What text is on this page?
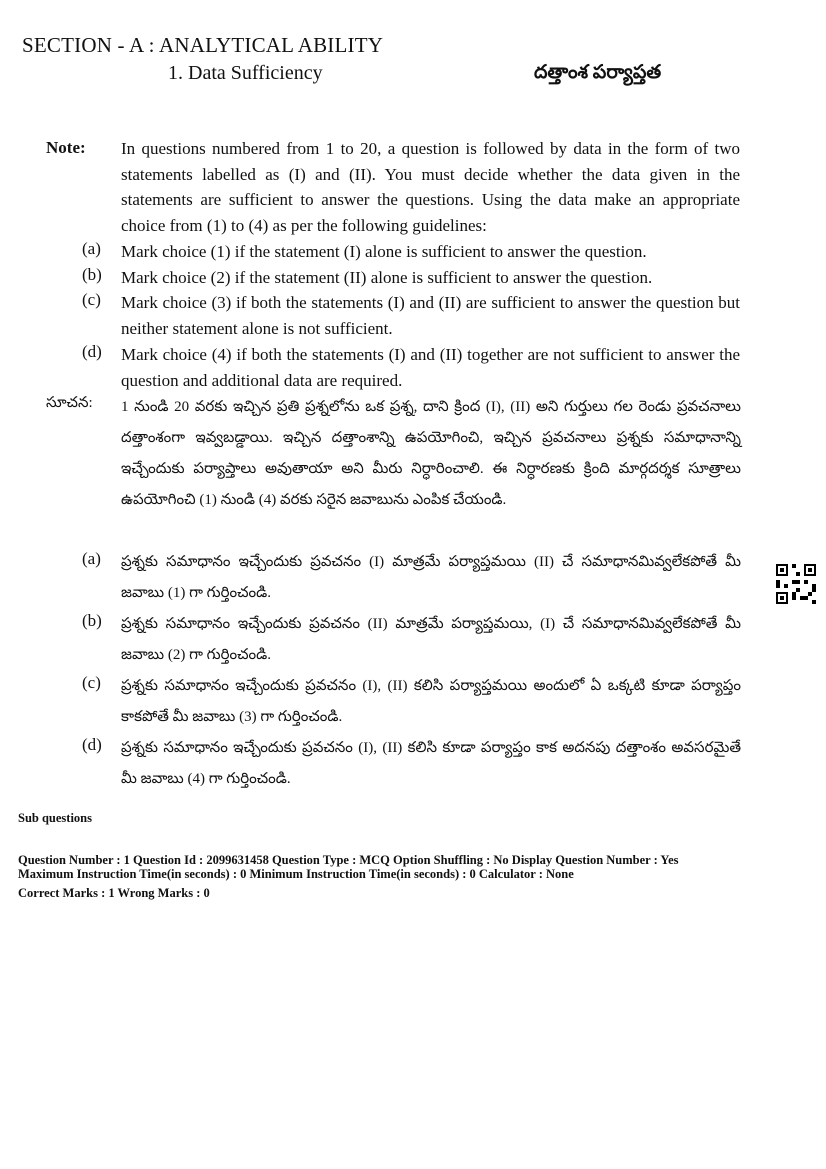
SECTION - A : ANALYTICAL ABILITY
1. Data Sufficiency	దత్తాంశ పర్యాప్తత
Note: In questions numbered from 1 to 20, a question is followed by data in the form of two statements labelled as (I) and (II). You must decide whether the data given in the statements are sufficient to answer the questions. Using the data make an appropriate choice from (1) to (4) as per the following guidelines:
(a) Mark choice (1) if the statement (I) alone is sufficient to answer the question.
(b) Mark choice (2) if the statement (II) alone is sufficient to answer the question.
(c) Mark choice (3) if both the statements (I) and (II) are sufficient to answer the question but neither statement alone is not sufficient.
(d) Mark choice (4) if both the statements (I) and (II) together are not sufficient to answer the question and additional data are required.
సూచన: 1 నుండి 20 వరకు ఇచ్చిన ప్రతి ప్రశ్నలోను ఒక ప్రశ్న, దాని క్రింద (I), (II) అని గుర్తులు గల రెండు ప్రవచనాలు దత్తాంశంగా ఇవ్వబడ్డాయి. ఇచ్చిన దత్తాంశాన్ని ఉపయోగించి, ఇచ్చిన ప్రవచనాలు ప్రశ్నకు సమాధానాన్ని ఇచ్చేందుకు పర్యాప్తాలు అవుతాయా అని మీరు నిర్ధారించాలి. ఈ నిర్ధారణకు క్రింది మార్గదర్శక సూత్రాలు ఉపయోగించి (1) నుండి (4) వరకు సరైన జవాబును ఎంపిక చేయండి.
(a) ప్రశ్నకు సమాధానం ఇచ్చేందుకు ప్రవచనం (I) మాత్రమే పర్యాప్తమయి (II) చే సమాధానమివ్వలేకపోతే మీ జవాబు (1) గా గుర్తించండి.
(b) ప్రశ్నకు సమాధానం ఇచ్చేందుకు ప్రవచనం (II) మాత్రమే పర్యాప్తమయి, (I) చే సమాధానమివ్వలేకపోతే మీ జవాబు (2) గా గుర్తించండి.
(c) ప్రశ్నకు సమాధానం ఇచ్చేందుకు ప్రవచనం (I), (II) కలిసి పర్యాప్తమయి అందులో ఏ ఒక్కటి కూడా పర్యాప్తం కాకపోతే మీ జవాబు (3) గా గుర్తించండి.
(d) ప్రశ్నకు సమాధానం ఇచ్చేందుకు ప్రవచనం (I), (II) కలిసి కూడా పర్యాప్తం కాక అదనపు దత్తాంశం అవసరమైతే మీ జవాబు (4) గా గుర్తించండి.
Sub questions
Question Number : 1 Question Id : 2099631458 Question Type : MCQ Option Shuffling : No Display Question Number : Yes
Maximum Instruction Time(in seconds) : 0 Minimum Instruction Time(in seconds) : 0 Calculator : None
Correct Marks : 1 Wrong Marks : 0
